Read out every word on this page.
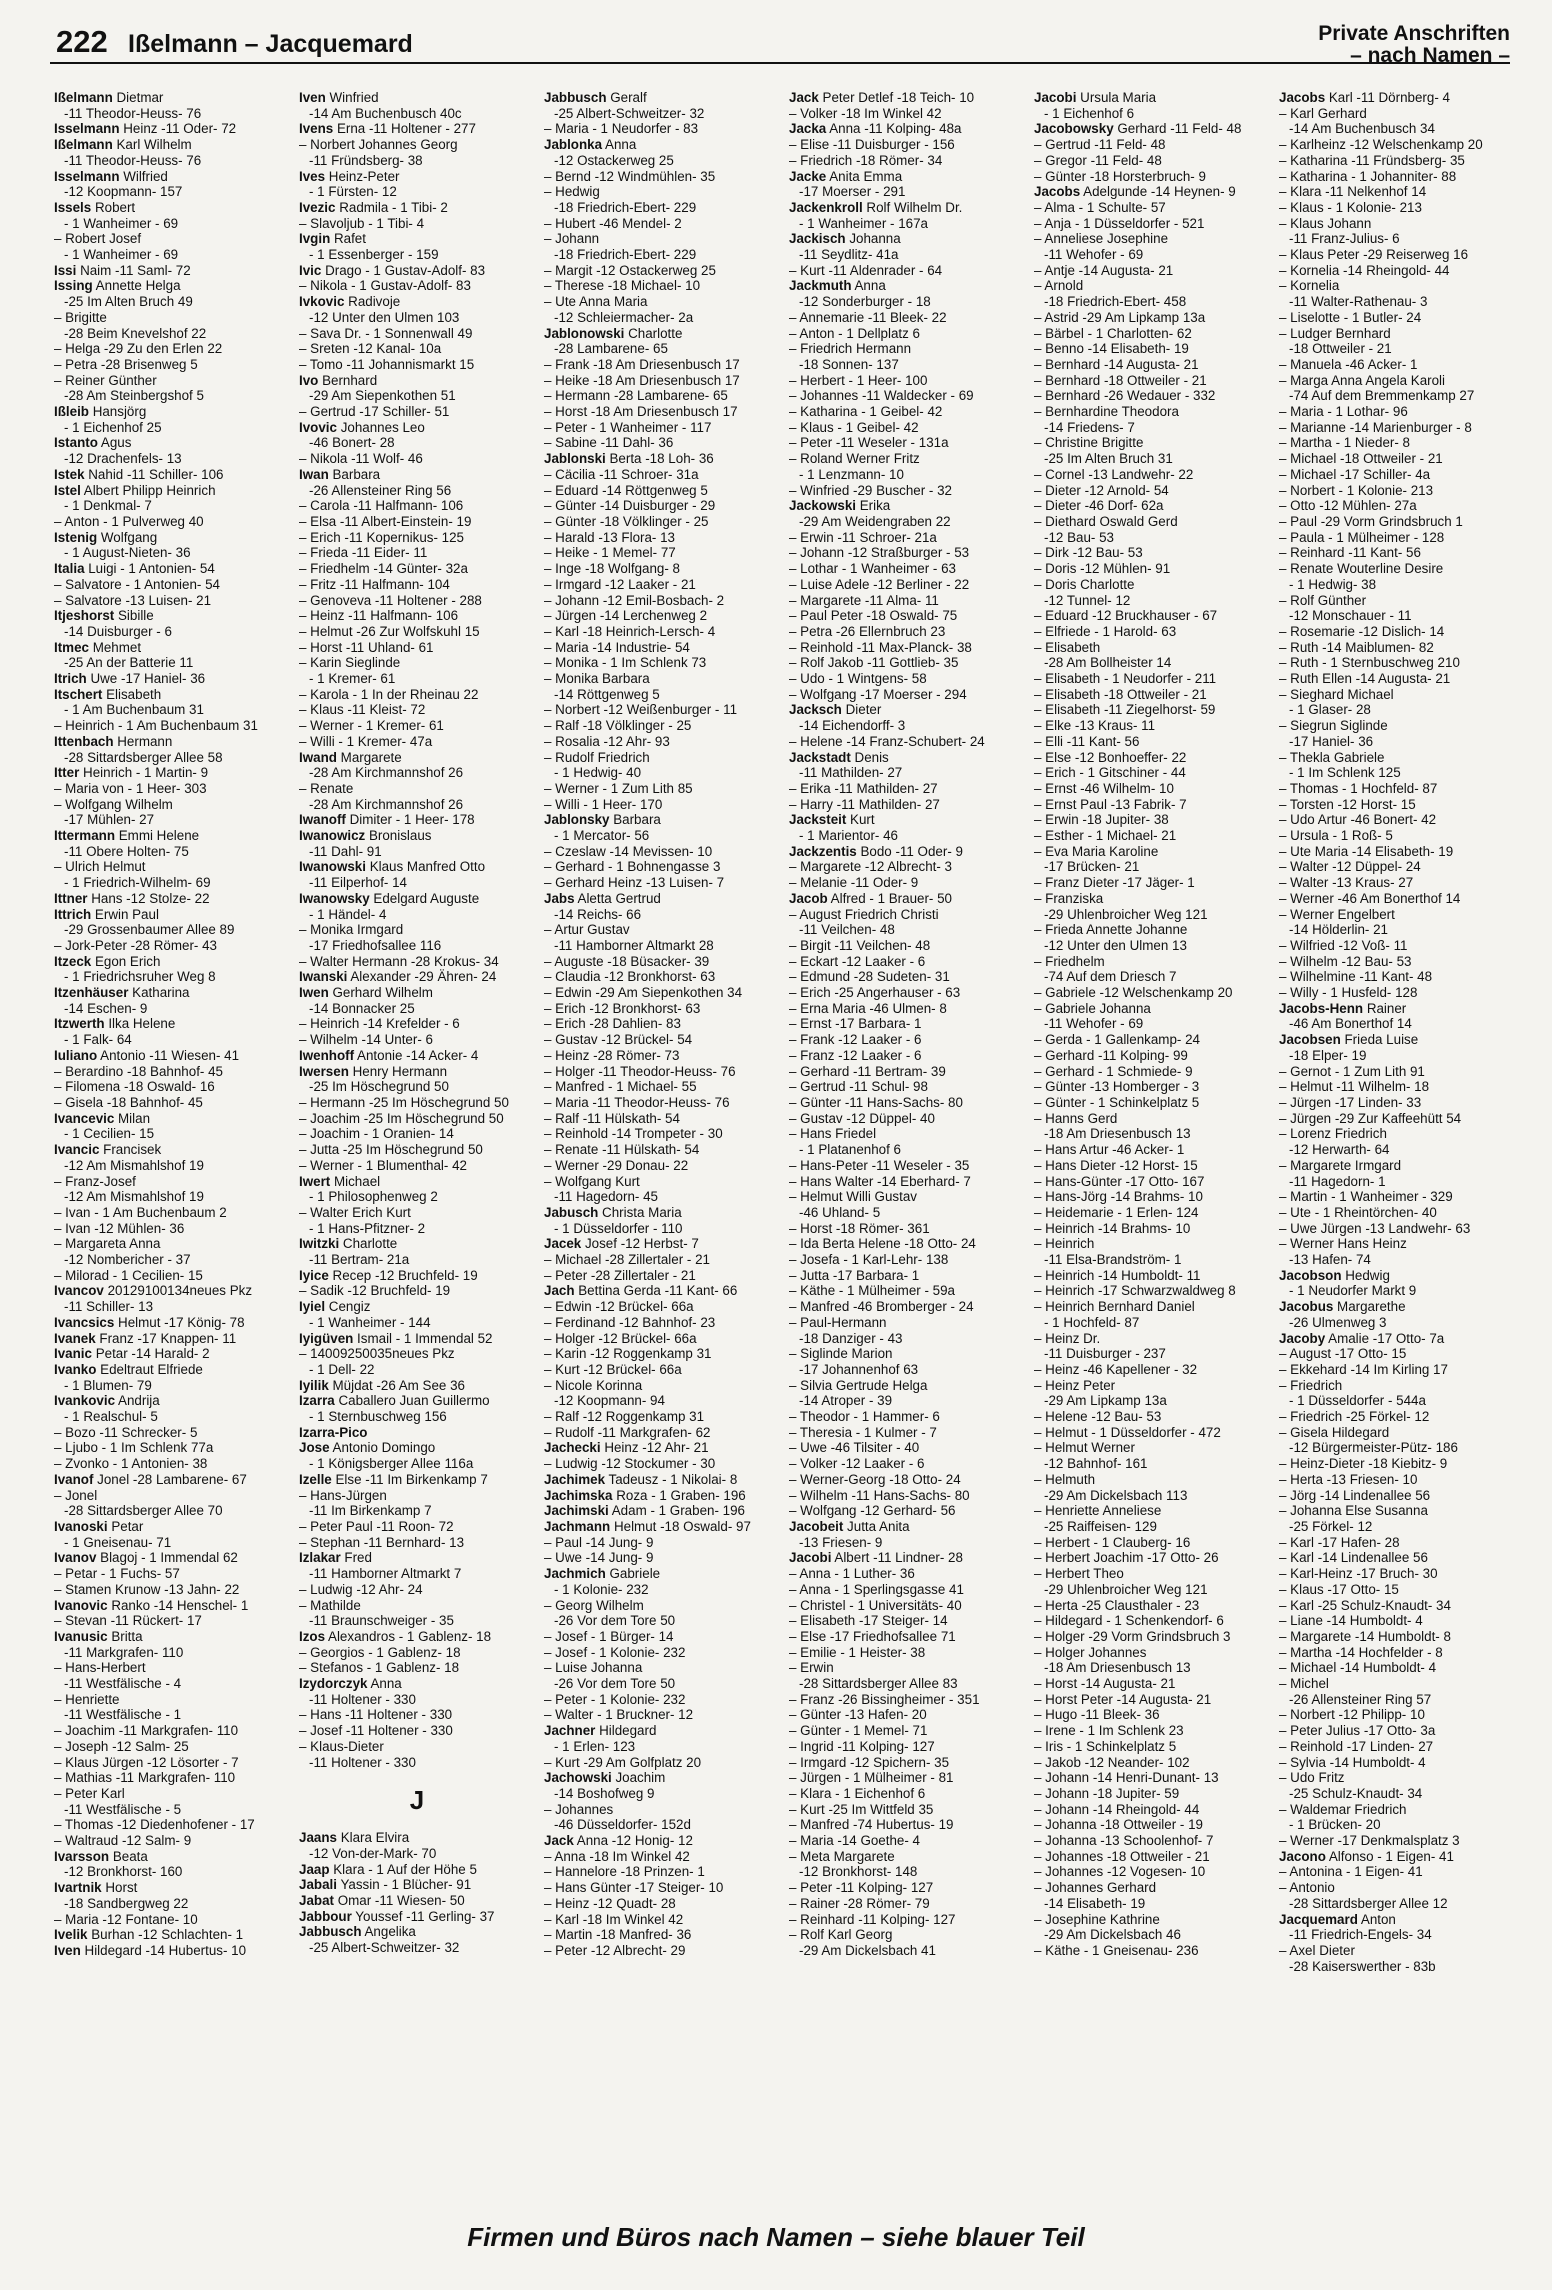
222 Ißelmann – Jacquemard	Private Anschriften
– nach Namen –
Ißelmann Dietmar
-11 Theodor-Heuss- 76
Isselmann Heinz -11 Oder- 72
Ißelmann Karl Wilhelm
-11 Theodor-Heuss- 76
Isselmann Wilfried
-12 Koopmann- 157
Issels Robert
- 1 Wanheimer - 69
– Robert Josef
- 1 Wanheimer - 69
Issi Naim -11 Saml- 72
Issing Annette Helga
-25 Im Alten Bruch 49
– Brigitte
-28 Beim Knevelshof 22
– Helga -29 Zu den Erlen 22
– Petra -28 Brisenweg 5
– Reiner Günther
-28 Am Steinbergshof 5
Ißleib Hansjörg
- 1 Eichenhof 25
Istanto Agus
-12 Drachenfels- 13
Istek Nahid -11 Schiller- 106
Istel Albert Philipp Heinrich
- 1 Denkmal- 7
– Anton - 1 Pulverweg 40
Istenig Wolfgang
- 1 August-Nieten- 36
Italia Luigi - 1 Antonien- 54
– Salvatore - 1 Antonien- 54
– Salvatore -13 Luisen- 21
Itjeshorst Sibille
-14 Duisburger - 6
Itmec Mehmet
-25 An der Batterie 11
Itrich Uwe -17 Haniel- 36
Itschert Elisabeth
- 1 Am Buchenbaum 31
– Heinrich - 1 Am Buchenbaum 31
Ittenbach Hermann
-28 Sittardsberger Allee 58
Itter Heinrich - 1 Martin- 9
– Maria von - 1 Heer- 303
– Wolfgang Wilhelm
-17 Mühlen- 27
Ittermann Emmi Helene
-11 Obere Holten- 75
– Ulrich Helmut
- 1 Friedrich-Wilhelm- 69
Ittner Hans -12 Stolze- 22
Ittrich Erwin Paul
-29 Grossenbaumer Allee 89
– Jork-Peter -28 Römer- 43
Itzeck Egon Erich
- 1 Friedrichsruher Weg 8
Itzenhäuser Katharina
-14 Eschen- 9
Itzwerth Ilka Helene
- 1 Falk- 64
Iuliano Antonio -11 Wiesen- 41
– Berardino -18 Bahnhof- 45
– Filomena -18 Oswald- 16
– Gisela -18 Bahnhof- 45
Ivancevic Milan
- 1 Cecilien- 15
Ivancic Francisek
-12 Am Mismahlshof 19
– Franz-Josef
-12 Am Mismahlshof 19
– Ivan - 1 Am Buchenbaum 2
– Ivan -12 Mühlen- 36
– Margareta Anna
-12 Nombericher - 37
– Milorad - 1 Cecilien- 15
Ivancov 20129100134neues Pkz
-11 Schiller- 13
Ivancsics Helmut -17 König- 78
Ivanek Franz -17 Knappen- 11
Ivanic Petar -14 Harald- 2
Ivanko Edeltraut Elfriede
- 1 Blumen- 79
Ivankovic Andrija
- 1 Realschul- 5
– Bozo -11 Schrecker- 5
– Ljubo - 1 Im Schlenk 77a
– Zvonko - 1 Antonien- 38
Ivanof Jonel -28 Lambarene- 67
– Jonel
-28 Sittardsberger Allee 70
Ivanoski Petar
- 1 Gneisenau- 71
Ivanov Blagoj - 1 Immendal 62
– Petar - 1 Fuchs- 57
– Stamen Krunow -13 Jahn- 22
Ivanovic Ranko -14 Henschel- 1
– Stevan -11 Rückert- 17
Ivanusic Britta
-11 Markgrafen- 110
– Hans-Herbert
-11 Westfälische - 4
– Henriette
-11 Westfälische - 1
– Joachim -11 Markgrafen- 110
– Joseph -12 Salm- 25
– Klaus Jürgen -12 Lösorter - 7
– Mathias -11 Markgrafen- 110
– Peter Karl
-11 Westfälische - 5
– Thomas -12 Diedenhofener - 17
– Waltraud -12 Salm- 9
Ivarsson Beata
-12 Bronkhorst- 160
Ivartnik Horst
-18 Sandbergweg 22
– Maria -12 Fontane- 10
Ivelik Burhan -12 Schlachten- 1
Iven Hildegard -14 Hubertus- 10
Iven Winfried
-14 Am Buchenbusch 40c
Ivens Erna -11 Holtener - 277
– Norbert Johannes Georg
-11 Fründsberg- 38
Ives Heinz-Peter
- 1 Fürsten- 12
Ivezic Radmila - 1 Tibi- 2
– Slavoljub - 1 Tibi- 4
Ivgin Rafet
- 1 Essenberger - 159
Ivic Drago - 1 Gustav-Adolf- 83
– Nikola - 1 Gustav-Adolf- 83
Ivkovic Radivoje
-12 Unter den Ulmen 103
– Sava Dr. - 1 Sonnenwall 49
– Sreten -12 Kanal- 10a
– Tomo -11 Johannismarkt 15
Ivo Bernhard
-29 Am Siepenkothen 51
– Gertrud -17 Schiller- 51
Ivovic Johannes Leo
-46 Bonert- 28
– Nikola -11 Wolf- 46
Iwan Barbara
-26 Allensteiner Ring 56
– Carola -11 Halfmann- 106
– Elsa -11 Albert-Einstein- 19
– Erich -11 Kopernikus- 125
– Frieda -11 Eider- 11
– Friedhelm -14 Günter- 32a
– Fritz -11 Halfmann- 104
– Genoveva -11 Holtener - 288
– Heinz -11 Halfmann- 106
– Helmut -26 Zur Wolfskuhl 15
– Horst -11 Uhland- 61
– Karin Sieglinde
- 1 Kremer- 61
– Karola - 1 In der Rheinau 22
– Klaus -11 Kleist- 72
– Werner - 1 Kremer- 61
– Willi - 1 Kremer- 47a
Iwand Margarete
-28 Am Kirchmannshof 26
– Renate
-28 Am Kirchmannshof 26
Iwanoff Dimiter - 1 Heer- 178
Iwanowicz Bronislaus
-11 Dahl- 91
Iwanowski Klaus Manfred Otto
-11 Eilperhof- 14
Iwanowsky Edelgard Auguste
- 1 Händel- 4
– Monika Irmgard
-17 Friedhofsallee 116
– Walter Hermann -28 Krokus- 34
Iwanski Alexander -29 Ähren- 24
Iwen Gerhard Wilhelm
-14 Bonnacker 25
– Heinrich -14 Krefelder - 6
– Wilhelm -14 Unter- 6
Iwenhoff Antonie -14 Acker- 4
Iwersen Henry Hermann
-25 Im Höschegrund 50
– Hermann -25 Im Höschegrund 50
– Joachim -25 Im Höschegrund 50
– Joachim - 1 Oranien- 14
– Jutta -25 Im Höschegrund 50
– Werner - 1 Blumenthal- 42
Iwert Michael
- 1 Philosophenweg 2
– Walter Erich Kurt
- 1 Hans-Pfitzner- 2
Iwitzki Charlotte
-11 Bertram- 21a
Iyice Recep -12 Bruchfeld- 19
– Sadik -12 Bruchfeld- 19
Iyiel Cengiz
- 1 Wanheimer - 144
Iyigüven Ismail - 1 Immendal 52
– 14009250035neues Pkz
- 1 Dell- 22
Iyilik Müjdat -26 Am See 36
Izarra Caballero Juan Guillermo
- 1 Sternbuschweg 156
Izarra-Pico
Jose Antonio Domingo
- 1 Königsberger Allee 116a
Izelle Else -11 Im Birkenkamp 7
– Hans-Jürgen
-11 Im Birkenkamp 7
– Peter Paul -11 Roon- 72
– Stephan -11 Bernhard- 13
Izlakar Fred
-11 Hamborner Altmarkt 7
– Ludwig -12 Ahr- 24
– Mathilde
-11 Braunschweiger - 35
Izos Alexandros - 1 Gablenz- 18
– Georgios - 1 Gablenz- 18
– Stefanos - 1 Gablenz- 18
Izydorczyk Anna
-11 Holtener - 330
– Hans -11 Holtener - 330
– Josef -11 Holtener - 330
– Klaus-Dieter
-11 Holtener - 330
J
Jaans Klara Elvira
-12 Von-der-Mark- 70
Jaap Klara - 1 Auf der Höhe 5
Jabali Yassin - 1 Blücher- 91
Jabat Omar -11 Wiesen- 50
Jabbour Youssef -11 Gerling- 37
Jabbusch Angelika
-25 Albert-Schweitzer- 32
Jabbusch Geralf
-25 Albert-Schweitzer- 32
– Maria - 1 Neudorfer - 83
Jablonka Anna
-12 Ostackerweg 25
– Bernd -12 Windmühlen- 35
– Hedwig
-18 Friedrich-Ebert- 229
– Hubert -46 Mendel- 2
– Johann
-18 Friedrich-Ebert- 229
– Margit -12 Ostackerweg 25
– Therese -18 Michael- 10
– Ute Anna Maria
-12 Schleiermacher- 2a
Jablonowski Charlotte
-28 Lambarene- 65
– Frank -18 Am Driesenbusch 17
– Heike -18 Am Driesenbusch 17
– Hermann -28 Lambarene- 65
– Horst -18 Am Driesenbusch 17
– Peter - 1 Wanheimer - 117
– Sabine -11 Dahl- 36
Jablonski Berta -18 Loh- 36
– Cäcilia -11 Schroer- 31a
– Eduard -14 Röttgenweg 5
– Günter -14 Duisburger - 29
– Günter -18 Völklinger - 25
– Harald -13 Flora- 13
– Heike - 1 Memel- 77
– Inge -18 Wolfgang- 8
– Irmgard -12 Laaker - 21
– Johann -12 Emil-Bosbach- 2
– Jürgen -14 Lerchenweg 2
– Karl -18 Heinrich-Lersch- 4
– Maria -14 Industrie- 54
– Monika - 1 Im Schlenk 73
– Monika Barbara
-14 Röttgenweg 5
– Norbert -12 Weißenburger - 11
– Ralf -18 Völklinger - 25
– Rosalia -12 Ahr- 93
– Rudolf Friedrich
- 1 Hedwig- 40
– Werner - 1 Zum Lith 85
– Willi - 1 Heer- 170
Jablonsky Barbara
- 1 Mercator- 56
– Czeslaw -14 Mevissen- 10
– Gerhard - 1 Bohnengasse 3
– Gerhard Heinz -13 Luisen- 7
Jabs Aletta Gertrud
-14 Reichs- 66
– Artur Gustav
-11 Hamborner Altmarkt 28
– Auguste -18 Büsacker- 39
– Claudia -12 Bronkhorst- 63
– Edwin -29 Am Siepenkothen 34
– Erich -12 Bronkhorst- 63
– Erich -28 Dahlien- 83
– Gustav -12 Brückel- 54
– Heinz -28 Römer- 73
– Holger -11 Theodor-Heuss- 76
– Manfred - 1 Michael- 55
– Maria -11 Theodor-Heuss- 76
– Ralf -11 Hülskath- 54
– Reinhold -14 Trompeter - 30
– Renate -11 Hülskath- 54
– Werner -29 Donau- 22
– Wolfgang Kurt
-11 Hagedorn- 45
Jabusch Christa Maria
- 1 Düsseldorfer - 110
Jacek Josef -12 Herbst- 7
– Michael -28 Zillertaler - 21
– Peter -28 Zillertaler - 21
Jach Bettina Gerda -11 Kant- 66
– Edwin -12 Brückel- 66a
– Ferdinand -12 Bahnhof- 23
– Holger -12 Brückel- 66a
– Karin -12 Roggenkamp 31
– Kurt -12 Brückel- 66a
– Nicole Korinna
-12 Koopmann- 94
– Ralf -12 Roggenkamp 31
– Rudolf -11 Markgrafen- 62
Jachecki Heinz -12 Ahr- 21
– Ludwig -12 Stockumer - 30
Jachimek Tadeusz - 1 Nikolai- 8
Jachimska Roza - 1 Graben- 196
Jachimski Adam - 1 Graben- 196
Jachmann Helmut -18 Oswald- 97
– Paul -14 Jung- 9
– Uwe -14 Jung- 9
Jachmich Gabriele
- 1 Kolonie- 232
– Georg Wilhelm
-26 Vor dem Tore 50
– Josef - 1 Bürger- 14
– Josef - 1 Kolonie- 232
– Luise Johanna
-26 Vor dem Tore 50
– Peter - 1 Kolonie- 232
– Walter - 1 Bruckner- 12
Jachner Hildegard
- 1 Erlen- 123
– Kurt -29 Am Golfplatz 20
Jachowski Joachim
-14 Boshofweg 9
– Johannes
-46 Düsseldorfer- 152d
Jack Anna -12 Honig- 12
– Anna -18 Im Winkel 42
– Hannelore -18 Prinzen- 1
– Hans Günter -17 Steiger- 10
– Heinz -12 Quadt- 28
– Karl -18 Im Winkel 42
– Martin -18 Manfred- 36
– Peter -12 Albrecht- 29
Jack Peter Detlef -18 Teich- 10
– Volker -18 Im Winkel 42
Jacka Anna -11 Kolping- 48a
– Elise -11 Duisburger - 156
– Friedrich -18 Römer- 34
Jacke Anita Emma
-17 Moerser - 291
Jackenkroll Rolf Wilhelm Dr.
- 1 Wanheimer - 167a
Jackisch Johanna
-11 Seydlitz- 41a
– Kurt -11 Aldenrader - 64
Jackmuth Anna
-12 Sonderburger - 18
– Annemarie -11 Bleek- 22
– Anton - 1 Dellplatz 6
– Friedrich Hermann
-18 Sonnen- 137
– Herbert - 1 Heer- 100
– Johannes -11 Waldecker - 69
– Katharina - 1 Geibel- 42
– Klaus - 1 Geibel- 42
– Peter -11 Weseler - 131a
– Roland Werner Fritz
- 1 Lenzmann- 10
– Winfried -29 Buscher - 32
Jackowski Erika
-29 Am Weidengraben 22
– Erwin -11 Schroer- 21a
– Johann -12 Straßburger - 53
– Lothar - 1 Wanheimer - 63
– Luise Adele -12 Berliner - 22
– Margarete -11 Alma- 11
– Paul Peter -18 Oswald- 75
– Petra -26 Ellernbruch 23
– Reinhold -11 Max-Planck- 38
– Rolf Jakob -11 Gottlieb- 35
– Udo - 1 Wintgens- 58
– Wolfgang -17 Moerser - 294
Jacksch Dieter
-14 Eichendorff- 3
– Helene -14 Franz-Schubert- 24
Jackstadt Denis
-11 Mathilden- 27
– Erika -11 Mathilden- 27
– Harry -11 Mathilden- 27
Jacksteit Kurt
- 1 Marientor- 46
Jackzentis Bodo -11 Oder- 9
– Margarete -12 Albrecht- 3
– Melanie -11 Oder- 9
Jacob Alfred - 1 Brauer- 50
– August Friedrich Christi
-11 Veilchen- 48
– Birgit -11 Veilchen- 48
– Eckart -12 Laaker - 6
– Edmund -28 Sudeten- 31
– Erich -25 Angerhauser - 63
– Erna Maria -46 Ulmen- 8
– Ernst -17 Barbara- 1
– Frank -12 Laaker - 6
– Franz -12 Laaker - 6
– Gerhard -11 Bertram- 39
– Gertrud -11 Schul- 98
– Günter -11 Hans-Sachs- 80
– Gustav -12 Düppel- 40
– Hans Friedel
- 1 Platanenhof 6
– Hans-Peter -11 Weseler - 35
– Hans Walter -14 Eberhard- 7
– Helmut Willi Gustav
-46 Uhland- 5
– Horst -18 Römer- 361
– Ida Berta Helene -18 Otto- 24
– Josefa - 1 Karl-Lehr- 138
– Jutta -17 Barbara- 1
– Käthe - 1 Mülheimer - 59a
– Manfred -46 Bromberger - 24
– Paul-Hermann
-18 Danziger - 43
– Siglinde Marion
-17 Johannenhof 63
– Silvia Gertrude Helga
-14 Atroper - 39
– Theodor - 1 Hammer- 6
– Theresia - 1 Kulmer - 7
– Uwe -46 Tilsiter - 40
– Volker -12 Laaker - 6
– Werner-Georg -18 Otto- 24
– Wilhelm -11 Hans-Sachs- 80
– Wolfgang -12 Gerhard- 56
Jacobeit Jutta Anita
-13 Friesen- 9
Jacobi Albert -11 Lindner- 28
– Anna - 1 Luther- 36
– Anna - 1 Sperlingsgasse 41
– Christel - 1 Universitäts- 40
– Elisabeth -17 Steiger- 14
– Else -17 Friedhofsallee 71
– Emilie - 1 Heister- 38
– Erwin
-28 Sittardsberger Allee 83
– Franz -26 Bissingheimer - 351
– Günter -13 Hafen- 20
– Günter - 1 Memel- 71
– Ingrid -11 Kolping- 127
– Irmgard -12 Spichern- 35
– Jürgen - 1 Mülheimer - 81
– Klara - 1 Eichenhof 6
– Kurt -25 Im Wittfeld 35
– Manfred -74 Hubertus- 19
– Maria -14 Goethe- 4
– Meta Margarete
-12 Bronkhorst- 148
– Peter -11 Kolping- 127
– Rainer -28 Römer- 79
– Reinhard -11 Kolping- 127
– Rolf Karl Georg
-29 Am Dickelsbach 41
Jacobi Ursula Maria
- 1 Eichenhof 6
Jacobowsky Gerhard -11 Feld- 48
– Gertrud -11 Feld- 48
– Gregor -11 Feld- 48
– Günter -18 Horsterbruch- 9
Jacobs Adelgunde -14 Heynen- 9
– Alma - 1 Schulte- 57
– Anja - 1 Düsseldorfer - 521
– Anneliese Josephine
-11 Wehofer - 69
– Antje -14 Augusta- 21
– Arnold
-18 Friedrich-Ebert- 458
– Astrid -29 Am Lipkamp 13a
– Bärbel - 1 Charlotten- 62
– Benno -14 Elisabeth- 19
– Bernhard -14 Augusta- 21
– Bernhard -18 Ottweiler - 21
– Bernhard -26 Wedauer - 332
– Bernhardine Theodora
-14 Friedens- 7
– Christine Brigitte
-25 Im Alten Bruch 31
– Cornel -13 Landwehr- 22
– Dieter -12 Arnold- 54
– Dieter -46 Dorf- 62a
– Diethard Oswald Gerd
-12 Bau- 53
– Dirk -12 Bau- 53
– Doris -12 Mühlen- 91
– Doris Charlotte
-12 Tunnel- 12
– Eduard -12 Bruckhauser - 67
– Elfriede - 1 Harold- 63
– Elisabeth
-28 Am Bollheister 14
– Elisabeth - 1 Neudorfer - 211
– Elisabeth -18 Ottweiler - 21
– Elisabeth -11 Ziegelhorst- 59
– Elke -13 Kraus- 11
– Elli -11 Kant- 56
– Else -12 Bonhoeffer- 22
– Erich - 1 Gitschiner - 44
– Ernst -46 Wilhelm- 10
– Ernst Paul -13 Fabrik- 7
– Erwin -18 Jupiter- 38
– Esther - 1 Michael- 21
– Eva Maria Karoline
-17 Brücken- 21
– Franz Dieter -17 Jäger- 1
– Franziska
-29 Uhlenbroicher Weg 121
– Frieda Annette Johanne
-12 Unter den Ulmen 13
– Friedhelm
-74 Auf dem Driesch 7
– Gabriele -12 Welschenkamp 20
– Gabriele Johanna
-11 Wehofer - 69
– Gerda - 1 Gallenkamp- 24
– Gerhard -11 Kolping- 99
– Gerhard - 1 Schmiede- 9
– Günter -13 Homberger - 3
– Günter - 1 Schinkelplatz 5
– Hanns Gerd
-18 Am Driesenbusch 13
– Hans Artur -46 Acker- 1
– Hans Dieter -12 Horst- 15
– Hans-Günter -17 Otto- 167
– Hans-Jörg -14 Brahms- 10
– Heidemarie - 1 Erlen- 124
– Heinrich -14 Brahms- 10
– Heinrich
-11 Elsa-Brandström- 1
– Heinrich -14 Humboldt- 11
– Heinrich -17 Schwarzwaldweg 8
– Heinrich Bernhard Daniel
- 1 Hochfeld- 87
– Heinz Dr.
-11 Duisburger - 237
– Heinz -46 Kapellener - 32
– Heinz Peter
-29 Am Lipkamp 13a
– Helene -12 Bau- 53
– Helmut - 1 Düsseldorfer - 472
– Helmut Werner
-12 Bahnhof- 161
– Helmuth
-29 Am Dickelsbach 113
– Henriette Anneliese
-25 Raiffeisen- 129
– Herbert - 1 Clauberg- 16
– Herbert Joachim -17 Otto- 26
– Herbert Theo
-29 Uhlenbroicher Weg 121
– Herta -25 Clausthaler - 23
– Hildegard - 1 Schenkendorf- 6
– Holger -29 Vorm Grindsbruch 3
– Holger Johannes
-18 Am Driesenbusch 13
– Horst -14 Augusta- 21
– Horst Peter -14 Augusta- 21
– Hugo -11 Bleek- 36
– Irene - 1 Im Schlenk 23
– Iris - 1 Schinkelplatz 5
– Jakob -12 Neander- 102
– Johann -14 Henri-Dunant- 13
– Johann -18 Jupiter- 59
– Johann -14 Rheingold- 44
– Johanna -18 Ottweiler - 19
– Johanna -13 Schoolenhof- 7
– Johannes -18 Ottweiler - 21
– Johannes -12 Vogesen- 10
– Johannes Gerhard
-14 Elisabeth- 19
– Josephine Kathrine
-29 Am Dickelsbach 46
– Käthe - 1 Gneisenau- 236
Jacobs Karl -11 Dörnberg- 4
– Karl Gerhard
-14 Am Buchenbusch 34
– Karlheinz -12 Welschenkamp 20
– Katharina -11 Fründsberg- 35
– Katharina - 1 Johanniter- 88
– Klara -11 Nelkenhof 14
– Klaus - 1 Kolonie- 213
– Klaus Johann
-11 Franz-Julius- 6
– Klaus Peter -29 Reiserweg 16
– Kornelia -14 Rheingold- 44
– Kornelia
-11 Walter-Rathenau- 3
– Liselotte - 1 Butler- 24
– Ludger Bernhard
-18 Ottweiler - 21
– Manuela -46 Acker- 1
– Marga Anna Angela Karoli
-74 Auf dem Bremmenkamp 27
– Maria - 1 Lothar- 96
– Marianne -14 Marienburger - 8
– Martha - 1 Nieder- 8
– Michael -18 Ottweiler - 21
– Michael -17 Schiller- 4a
– Norbert - 1 Kolonie- 213
– Otto -12 Mühlen- 27a
– Paul -29 Vorm Grindsbruch 1
– Paula - 1 Mülheimer - 128
– Reinhard -11 Kant- 56
– Renate Wouterline Desire
- 1 Hedwig- 38
– Rolf Günther
-12 Monschauer - 11
– Rosemarie -12 Dislich- 14
– Ruth -14 Maiblumen- 82
– Ruth - 1 Sternbuschweg 210
– Ruth Ellen -14 Augusta- 21
– Sieghard Michael
- 1 Glaser- 28
– Siegrun Siglinde
-17 Haniel- 36
– Thekla Gabriele
- 1 Im Schlenk 125
– Thomas - 1 Hochfeld- 87
– Torsten -12 Horst- 15
– Udo Artur -46 Bonert- 42
– Ursula - 1 Roß- 5
– Ute Maria -14 Elisabeth- 19
– Walter -12 Düppel- 24
– Walter -13 Kraus- 27
– Werner -46 Am Bonerthof 14
– Werner Engelbert
-14 Hölderlin- 21
– Wilfried -12 Voß- 11
– Wilhelm -12 Bau- 53
– Wilhelmine -11 Kant- 48
– Willy - 1 Husfeld- 128
Jacobs-Henn Rainer
-46 Am Bonerthof 14
Jacobsen Frieda Luise
-18 Elper- 19
– Gernot - 1 Zum Lith 91
– Helmut -11 Wilhelm- 18
– Jürgen -17 Linden- 33
– Jürgen -29 Zur Kaffeehütt 54
– Lorenz Friedrich
-12 Herwarth- 64
– Margarete Irmgard
-11 Hagedorn- 1
– Martin - 1 Wanheimer - 329
– Ute - 1 Rheintörchen- 40
– Uwe Jürgen -13 Landwehr- 63
– Werner Hans Heinz
-13 Hafen- 74
Jacobson Hedwig
- 1 Neudorfer Markt 9
Jacobus Margarethe
-26 Ulmenweg 3
Jacoby Amalie -17 Otto- 7a
– August -17 Otto- 15
– Ekkehard -14 Im Kirling 17
– Friedrich
- 1 Düsseldorfer - 544a
– Friedrich -25 Förkel- 12
– Gisela Hildegard
-12 Bürgermeister-Pütz- 186
– Heinz-Dieter -18 Kiebitz- 9
– Herta -13 Friesen- 10
– Jörg -14 Lindenallee 56
– Johanna Else Susanna
-25 Förkel- 12
– Karl -17 Hafen- 28
– Karl -14 Lindenallee 56
– Karl-Heinz -17 Bruch- 30
– Klaus -17 Otto- 15
– Karl -25 Schulz-Knaudt- 34
– Liane -14 Humboldt- 4
– Margarete -14 Humboldt- 8
– Martha -14 Hochfelder - 8
– Michael -14 Humboldt- 4
– Michel
-26 Allensteiner Ring 57
– Norbert -12 Philipp- 10
– Peter Julius -17 Otto- 3a
– Reinhold -17 Linden- 27
– Sylvia -14 Humboldt- 4
– Udo Fritz
-25 Schulz-Knaudt- 34
– Waldemar Friedrich
- 1 Brücken- 20
– Werner -17 Denkmalsplatz 3
Jacono Alfonso - 1 Eigen- 41
– Antonina - 1 Eigen- 41
– Antonio
-28 Sittardsberger Allee 12
Jacquemard Anton
-11 Friedrich-Engels- 34
– Axel Dieter
-28 Kaiserswerther - 83b
Firmen und Büros nach Namen – siehe blauer Teil
